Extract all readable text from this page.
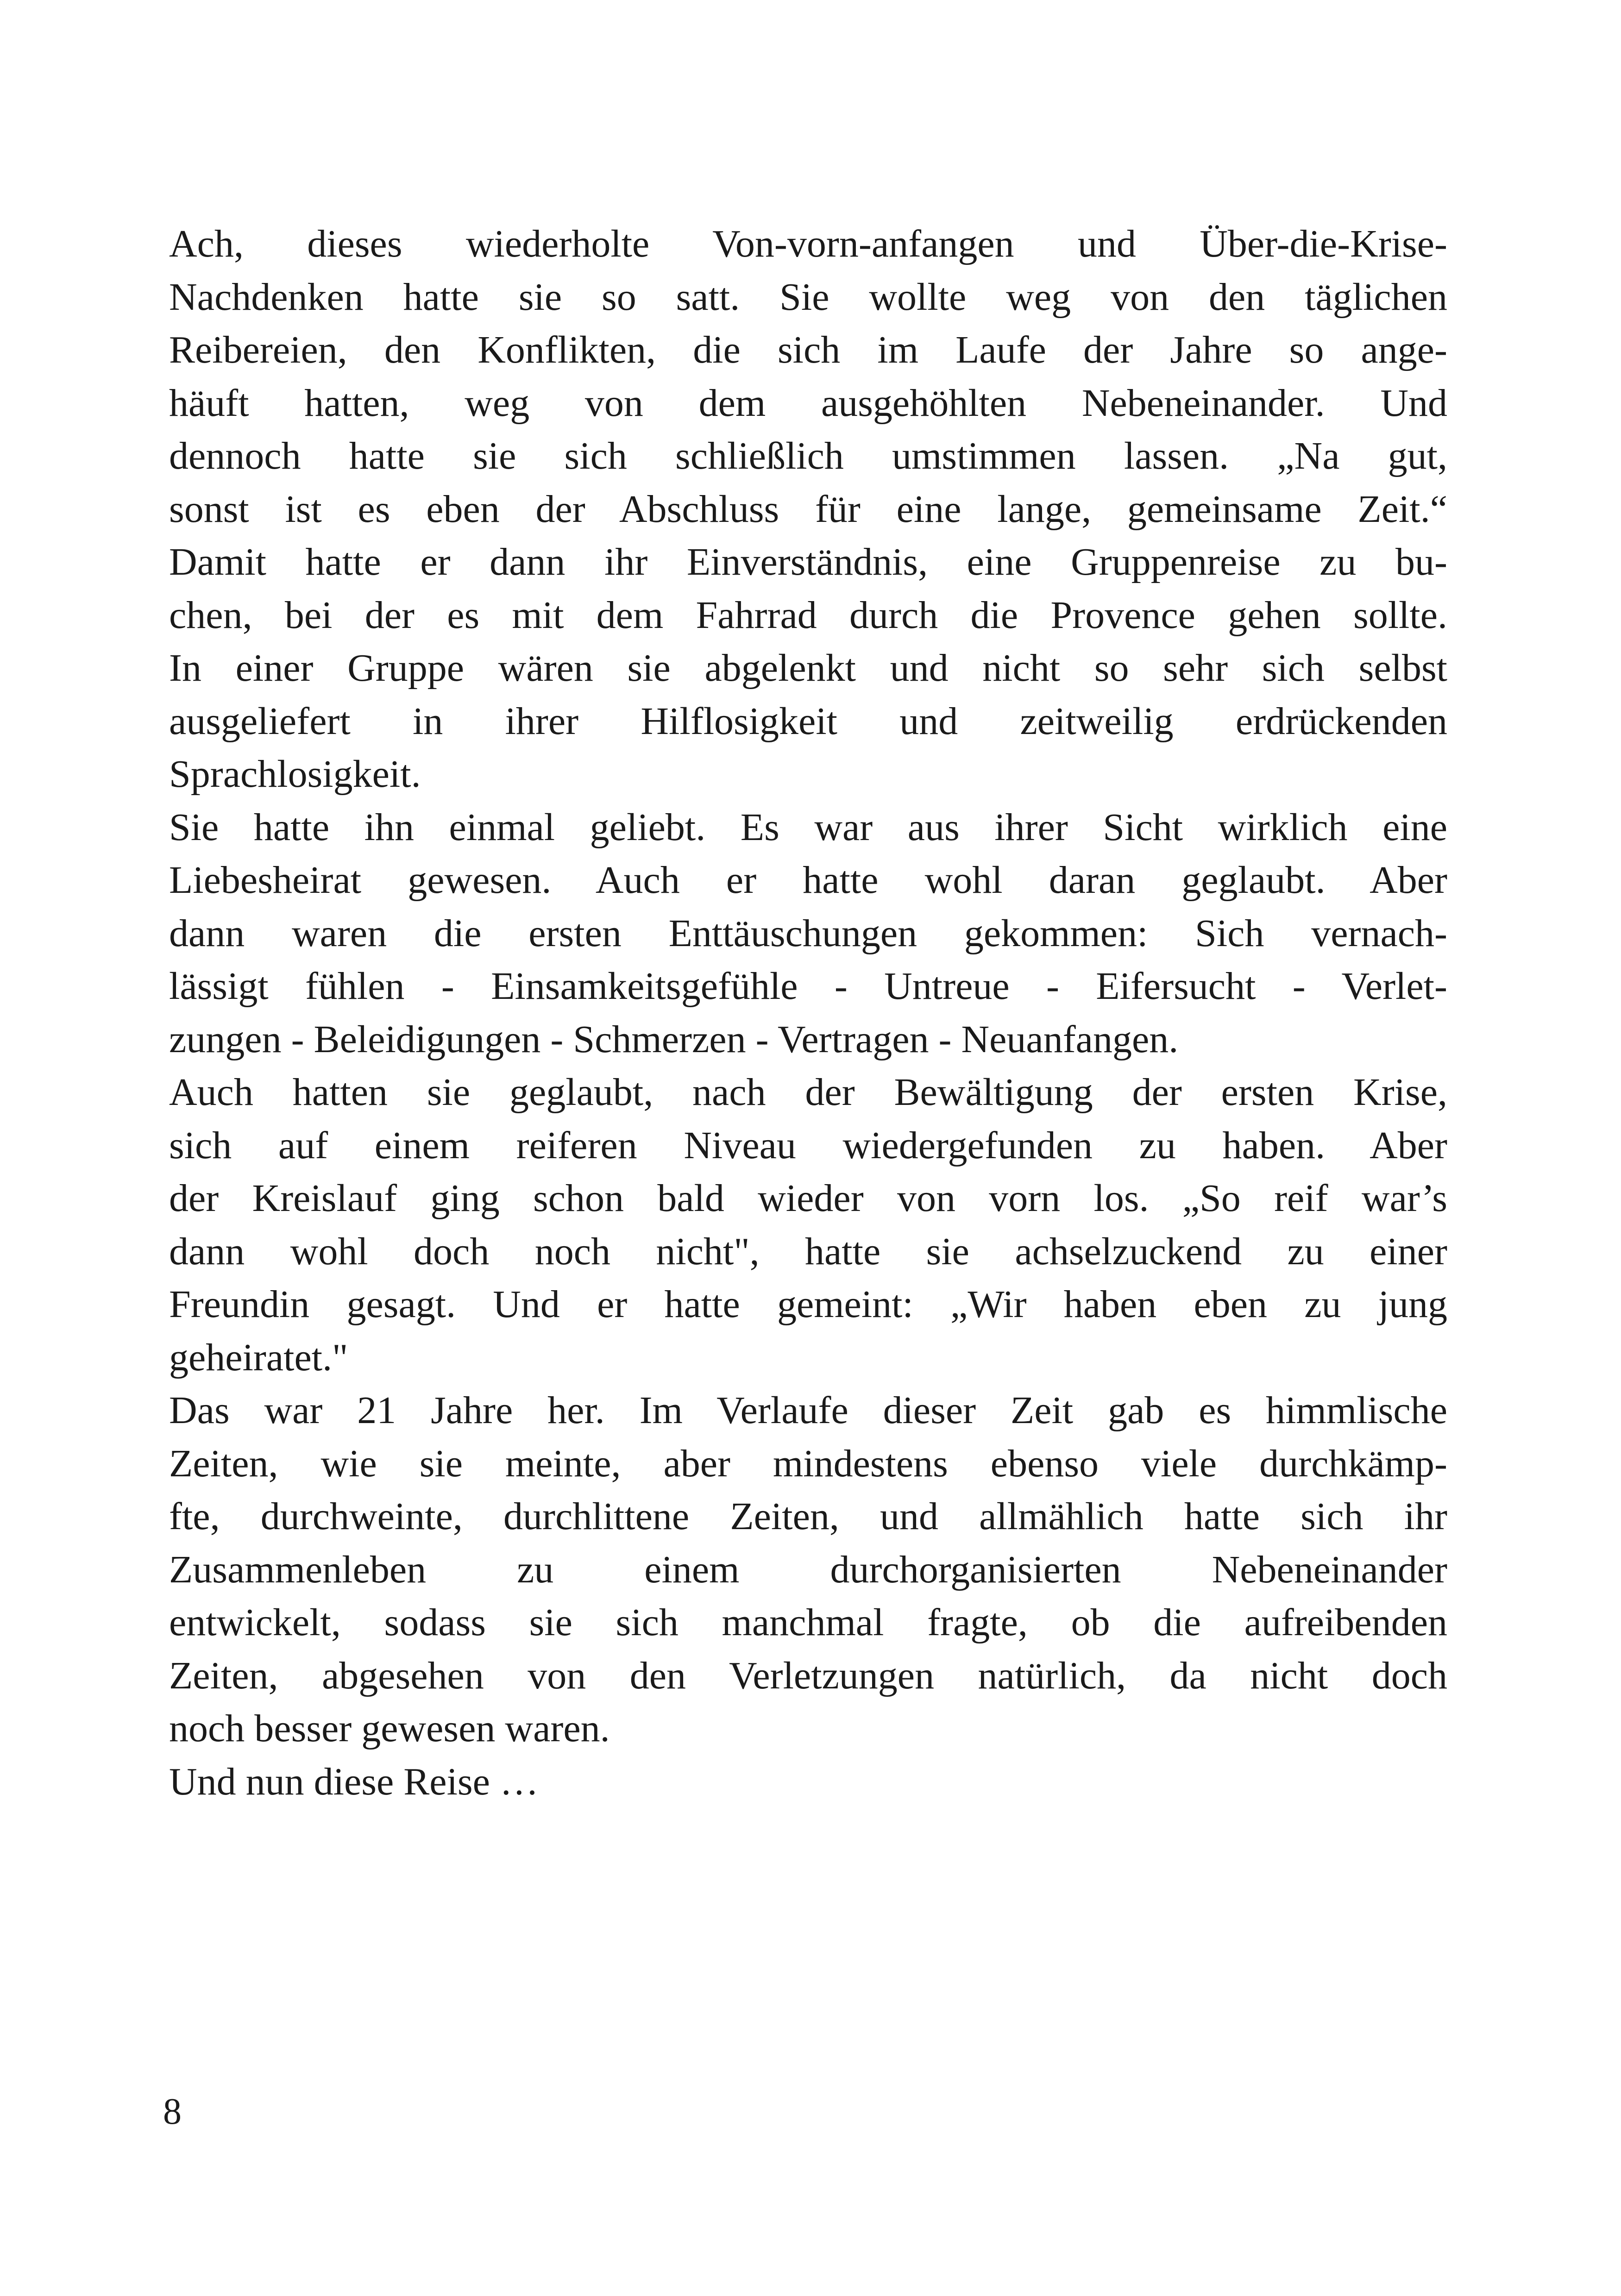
Ach, dieses wiederholte Von-vorn-anfangen und Über-die-Krise-
Nachdenken hatte sie so satt. Sie wollte weg von den täglichen
Reibereien, den Konflikten, die sich im Laufe der Jahre so ange-
häuft hatten, weg von dem ausgehöhlten Nebeneinander. Und
dennoch hatte sie sich schließlich umstimmen lassen. „Na gut,
sonst ist es eben der Abschluss für eine lange, gemeinsame Zeit.“
Damit hatte er dann ihr Einverständnis, eine Gruppenreise zu bu-
chen, bei der es mit dem Fahrrad durch die Provence gehen sollte.
In einer Gruppe wären sie abgelenkt und nicht so sehr sich selbst
ausgeliefert in ihrer Hilflosigkeit und zeitweilig erdrückenden
Sprachlosigkeit.
Sie hatte ihn einmal geliebt. Es war aus ihrer Sicht wirklich eine
Liebesheirat gewesen. Auch er hatte wohl daran geglaubt. Aber
dann waren die ersten Enttäuschungen gekommen: Sich vernach-
lässigt fühlen - Einsamkeitsgefühle - Untreue - Eifersucht - Verlet-
zungen - Beleidigungen - Schmerzen - Vertragen - Neuanfangen.
Auch hatten sie geglaubt, nach der Bewältigung der ersten Krise,
sich auf einem reiferen Niveau wiedergefunden zu haben. Aber
der Kreislauf ging schon bald wieder von vorn los. „So reif war’s
dann wohl doch noch nicht", hatte sie achselzuckend zu einer
Freundin gesagt. Und er hatte gemeint: „Wir haben eben zu jung
geheiratet."
Das war 21 Jahre her. Im Verlaufe dieser Zeit gab es himmlische
Zeiten, wie sie meinte, aber mindestens ebenso viele durchkämp-
fte, durchweinte, durchlittene Zeiten, und allmählich hatte sich ihr
Zusammenleben zu einem durchorganisierten Nebeneinander
entwickelt, sodass sie sich manchmal fragte, ob die aufreibenden
Zeiten, abgesehen von den Verletzungen natürlich, da nicht doch
noch besser gewesen waren.
Und nun diese Reise …
8
